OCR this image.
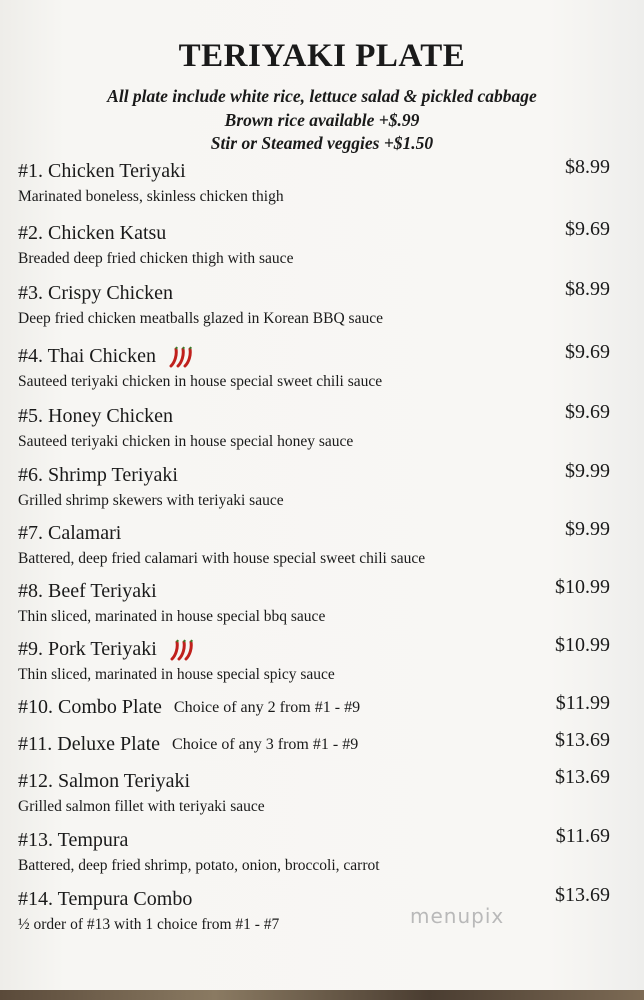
TERIYAKI PLATE
All plate include white rice, lettuce salad & pickled cabbage
Brown rice available +$.99
Stir or Steamed veggies +$1.50
#1. Chicken Teriyaki
Marinated boneless, skinless chicken thigh
$8.99
#2. Chicken Katsu
Breaded deep fried chicken thigh with sauce
$9.69
#3. Crispy Chicken
Deep fried chicken meatballs glazed in Korean BBQ sauce
$8.99
#4. Thai Chicken
Sauteed teriyaki chicken in house special sweet chili sauce
$9.69
#5. Honey Chicken
Sauteed teriyaki chicken in house special honey sauce
$9.69
#6. Shrimp Teriyaki
Grilled shrimp skewers with teriyaki sauce
$9.99
#7. Calamari
Battered, deep fried calamari with house special sweet chili sauce
$9.99
#8. Beef Teriyaki
Thin sliced, marinated in house special bbq sauce
$10.99
#9. Pork Teriyaki
Thin sliced, marinated in house special spicy sauce
$10.99
#10. Combo Plate Choice of any 2 from #1 - #9	$11.99
#11. Deluxe Plate Choice of any 3 from #1 - #9	$13.69
#12. Salmon Teriyaki
Grilled salmon fillet with teriyaki sauce
$13.69
#13. Tempura
Battered, deep fried shrimp, potato, onion, broccoli, carrot
$11.69
#14. Tempura Combo
½ order of #13 with 1 choice from #1 - #7
$13.69
menupix
